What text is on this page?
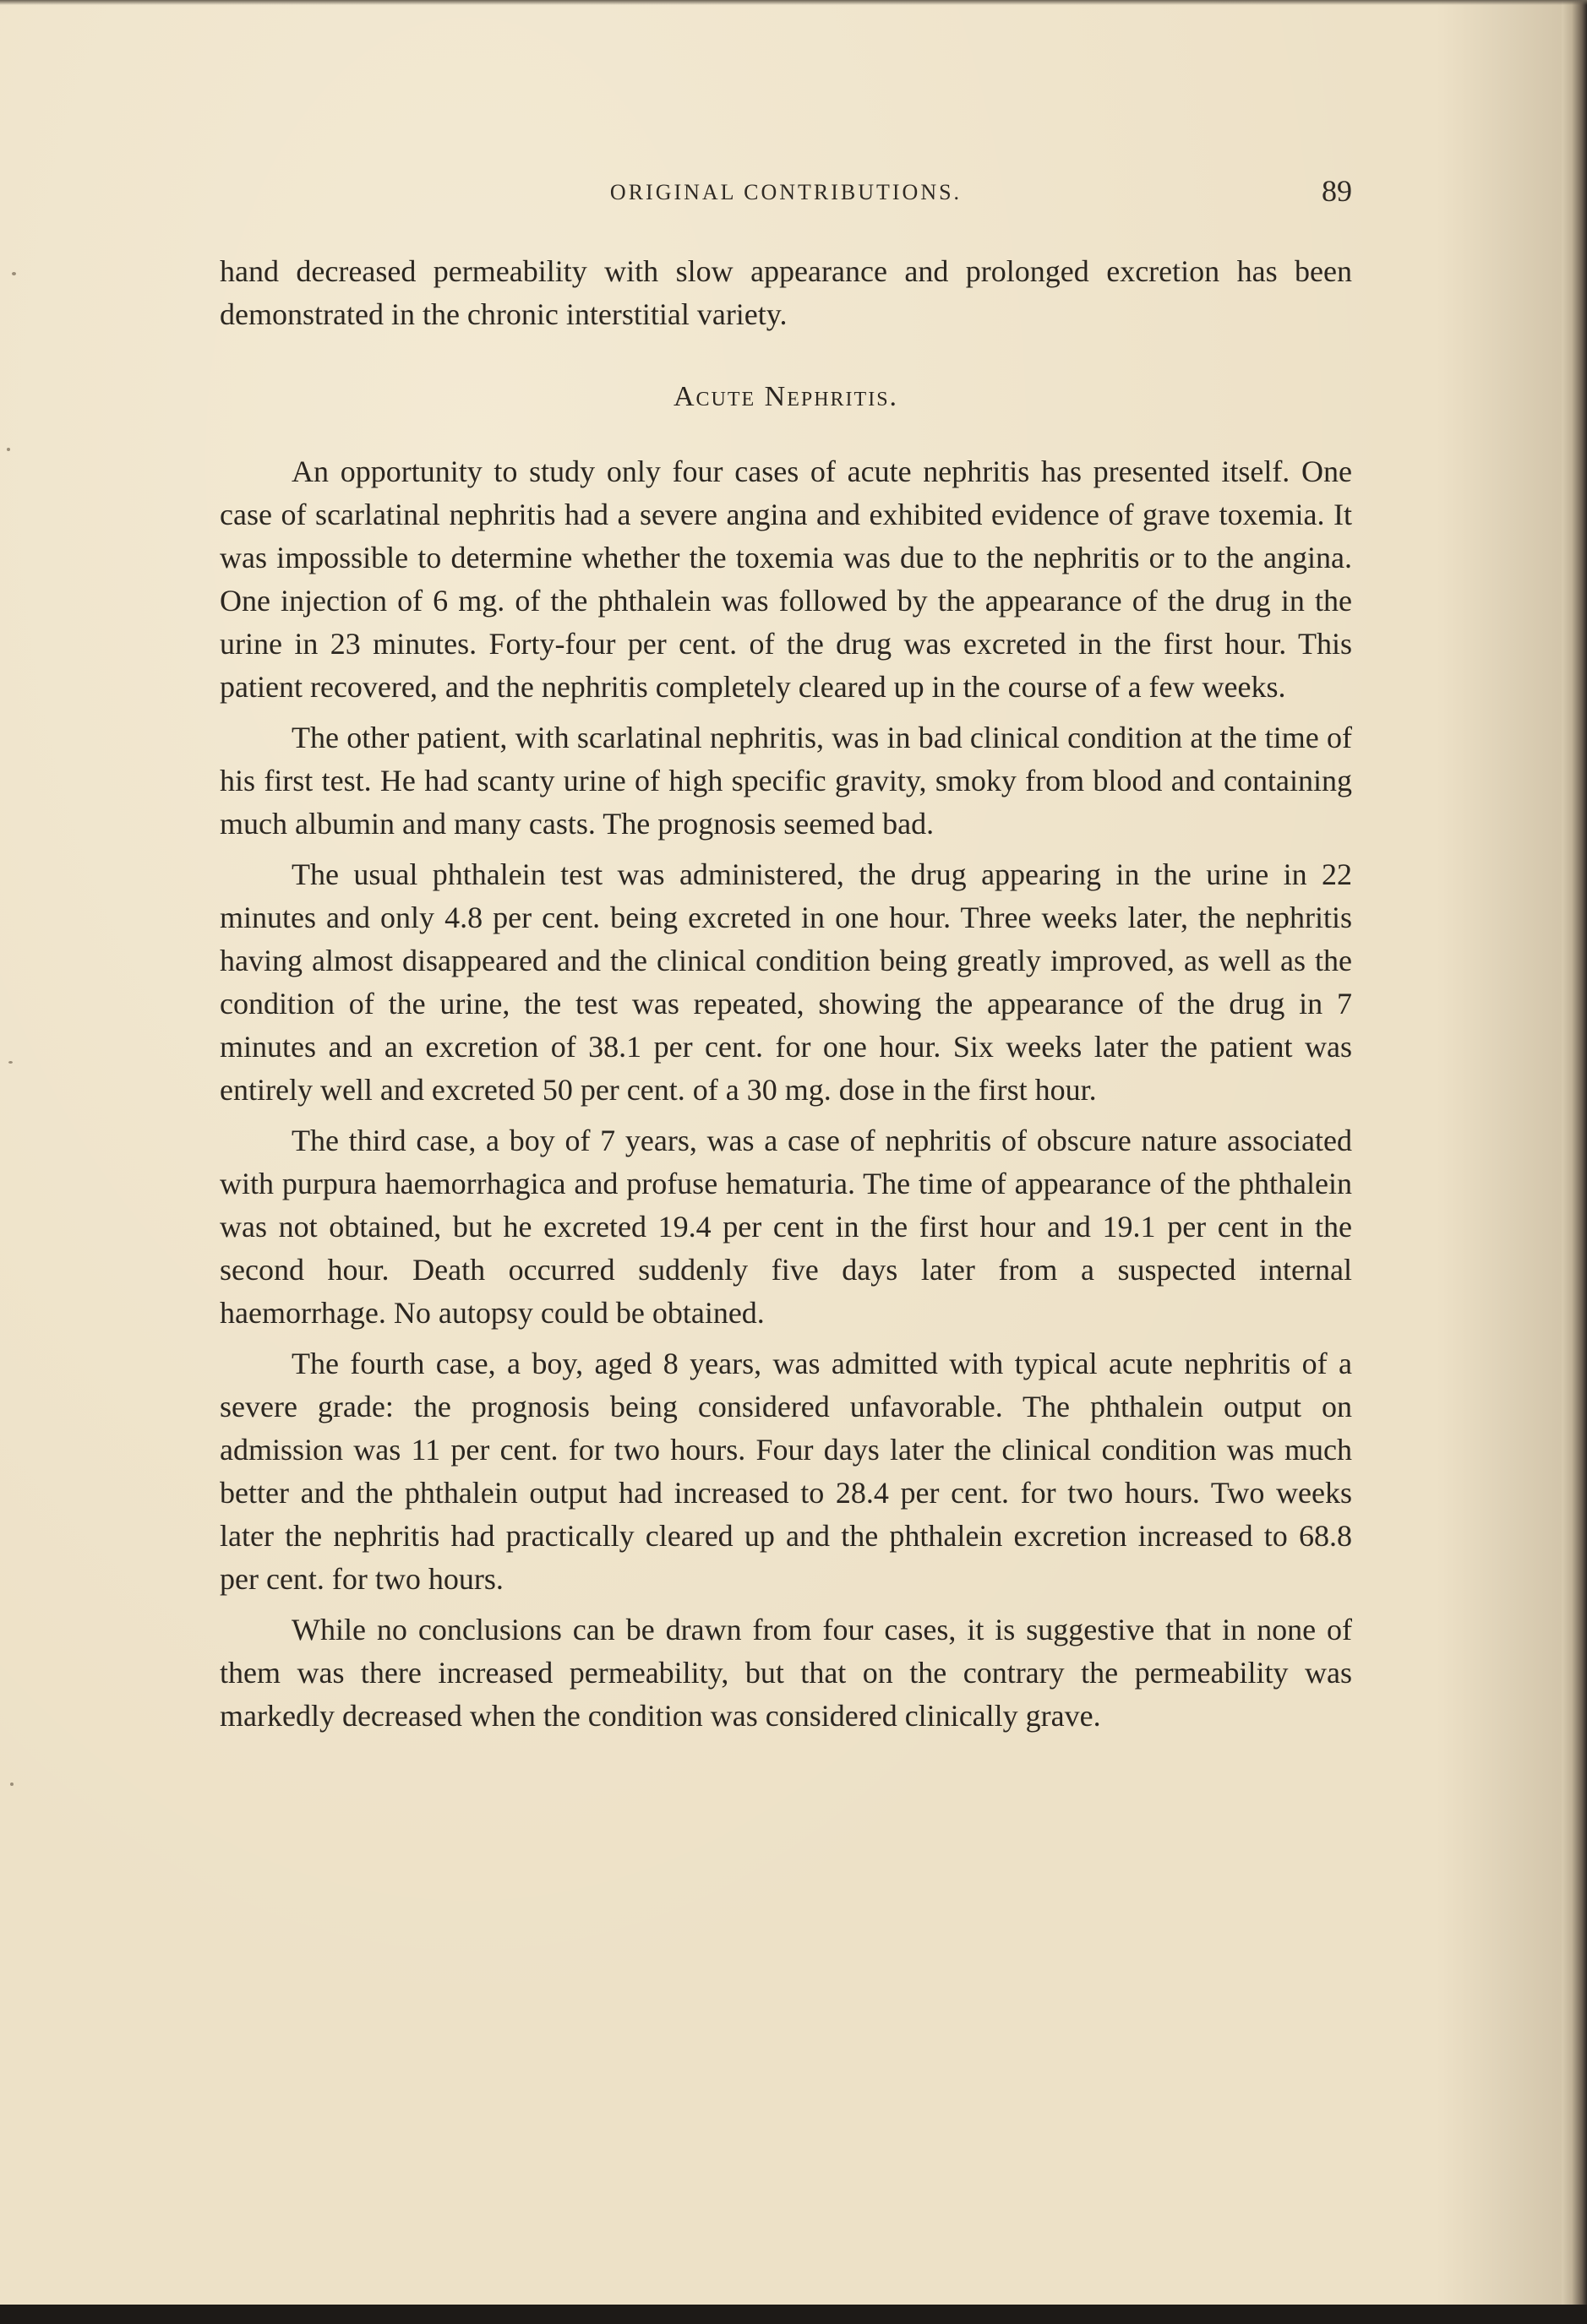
ORIGINAL CONTRIBUTIONS.	89

hand decreased permeability with slow appearance and prolonged excretion has been demonstrated in the chronic interstitial variety.

Acute Nephritis.

An opportunity to study only four cases of acute nephritis has presented itself. One case of scarlatinal nephritis had a severe angina and exhibited evidence of grave toxemia. It was impossible to determine whether the toxemia was due to the nephritis or to the angina. One injection of 6 mg. of the phthalein was followed by the appearance of the drug in the urine in 23 minutes. Forty-four per cent. of the drug was excreted in the first hour. This patient recovered, and the nephritis completely cleared up in the course of a few weeks.

The other patient, with scarlatinal nephritis, was in bad clinical condition at the time of his first test. He had scanty urine of high specific gravity, smoky from blood and containing much albumin and many casts. The prognosis seemed bad.

The usual phthalein test was administered, the drug appearing in the urine in 22 minutes and only 4.8 per cent. being excreted in one hour. Three weeks later, the nephritis having almost disappeared and the clinical condition being greatly improved, as well as the condition of the urine, the test was repeated, showing the appearance of the drug in 7 minutes and an excretion of 38.1 per cent. for one hour. Six weeks later the patient was entirely well and excreted 50 per cent. of a 30 mg. dose in the first hour.

The third case, a boy of 7 years, was a case of nephritis of obscure nature associated with purpura haemorrhagica and profuse hematuria. The time of appearance of the phthalein was not obtained, but he excreted 19.4 per cent in the first hour and 19.1 per cent in the second hour. Death occurred suddenly five days later from a suspected internal haemorrhage. No autopsy could be obtained.

The fourth case, a boy, aged 8 years, was admitted with typical acute nephritis of a severe grade: the prognosis being considered unfavorable. The phthalein output on admission was 11 per cent. for two hours. Four days later the clinical condition was much better and the phthalein output had increased to 28.4 per cent. for two hours. Two weeks later the nephritis had practically cleared up and the phthalein excretion increased to 68.8 per cent. for two hours.

While no conclusions can be drawn from four cases, it is suggestive that in none of them was there increased permeability, but that on the contrary the permeability was markedly decreased when the condition was considered clinically grave.
